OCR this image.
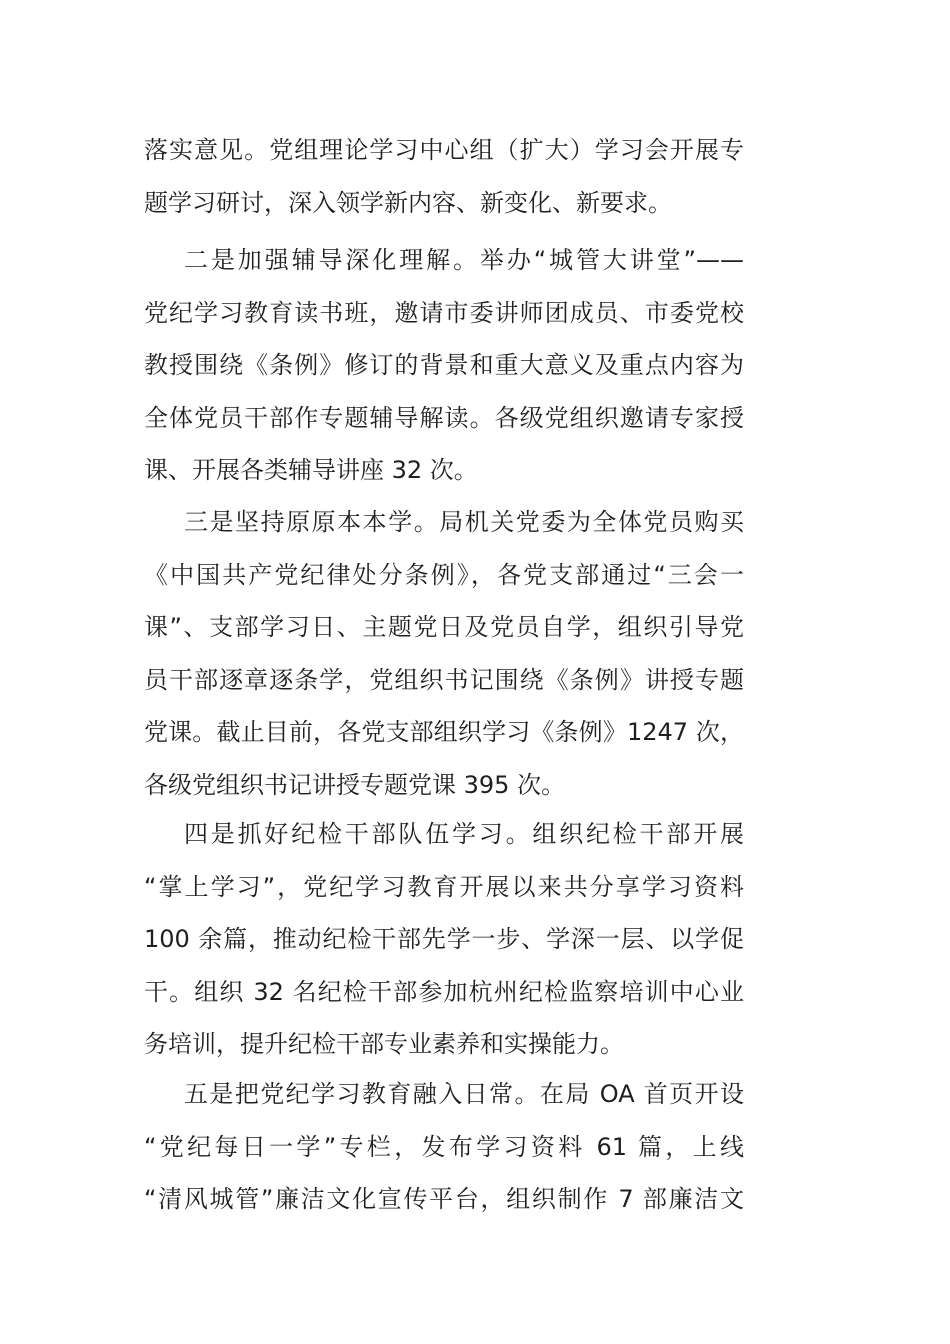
落实意见。党组理论学习中心组（扩大）学习会开展专
题学习研讨，深入领学新内容、新变化、新要求。
二是加强辅导深化理解。举办“城管大讲堂”——
党纪学习教育读书班，邀请市委讲师团成员、市委党校
教授围绕《条例》修订的背景和重大意义及重点内容为
全体党员干部作专题辅导解读。各级党组织邀请专家授
课、开展各类辅导讲座 32 次。
三是坚持原原本本学。局机关党委为全体党员购买
《中国共产党纪律处分条例》，各党支部通过“三会一
课”、支部学习日、主题党日及党员自学，组织引导党
员干部逐章逐条学，党组织书记围绕《条例》讲授专题
党课。截止目前，各党支部组织学习《条例》1247 次，
各级党组织书记讲授专题党课 395 次。
四是抓好纪检干部队伍学习。组织纪检干部开展
“掌上学习”，党纪学习教育开展以来共分享学习资料
100 余篇，推动纪检干部先学一步、学深一层、以学促
干。组织 32 名纪检干部参加杭州纪检监察培训中心业
务培训，提升纪检干部专业素养和实操能力。
五是把党纪学习教育融入日常。在局 OA 首页开设
“党纪每日一学”专栏，发布学习资料 61 篇，上线
“清风城管”廉洁文化宣传平台，组织制作 7 部廉洁文
